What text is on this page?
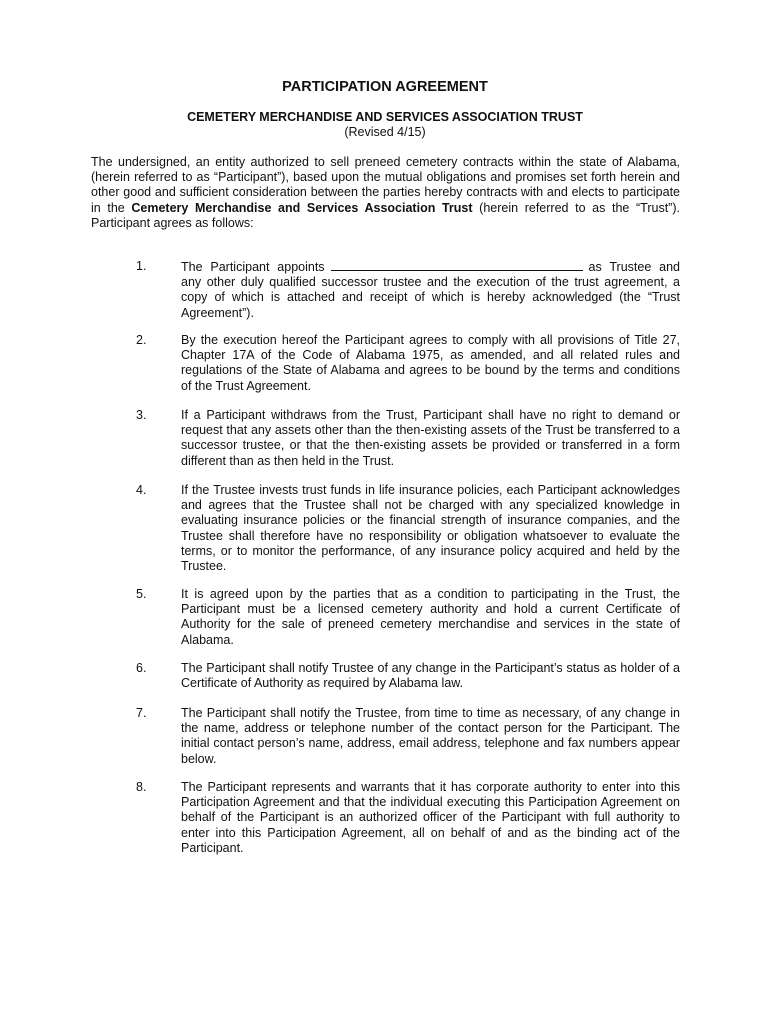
PARTICIPATION AGREEMENT
CEMETERY MERCHANDISE AND SERVICES ASSOCIATION TRUST
(Revised 4/15)

The undersigned, an entity authorized to sell preneed cemetery contracts within the state of Alabama, (herein referred to as “Participant”), based upon the mutual obligations and promises set forth herein and other good and sufficient consideration between the parties hereby contracts with and elects to participate in the Cemetery Merchandise and Services Association Trust (herein referred to as the “Trust”). Participant agrees as follows:

1.	The Participant appoints	as Trustee and any other duly qualified successor trustee and the execution of the trust agreement, a copy of which is attached and receipt of which is hereby acknowledged (the “Trust Agreement”).

2.	By the execution hereof the Participant agrees to comply with all provisions of Title 27, Chapter 17A of the Code of Alabama 1975, as amended, and all related rules and regulations of the State of Alabama and agrees to be bound by the terms and conditions of the Trust Agreement.

3.	If a Participant withdraws from the Trust, Participant shall have no right to demand or request that any assets other than the then-existing assets of the Trust be transferred to a successor trustee, or that the then-existing assets be provided or transferred in a form different than as then held in the Trust.

4.	If the Trustee invests trust funds in life insurance policies, each Participant acknowledges and agrees that the Trustee shall not be charged with any specialized knowledge in evaluating insurance policies or the financial strength of insurance companies, and the Trustee shall therefore have no responsibility or obligation whatsoever to evaluate the terms, or to monitor the performance, of any insurance policy acquired and held by the Trustee.

5.	It is agreed upon by the parties that as a condition to participating in the Trust, the Participant must be a licensed cemetery authority and hold a current Certificate of Authority for the sale of preneed cemetery merchandise and services in the state of Alabama.

6.	The Participant shall notify Trustee of any change in the Participant’s status as holder of a Certificate of Authority as required by Alabama law.

7.	The Participant shall notify the Trustee, from time to time as necessary, of any change in the name, address or telephone number of the contact person for the Participant. The initial contact person’s name, address, email address, telephone and fax numbers appear below.

8.	The Participant represents and warrants that it has corporate authority to enter into this Participation Agreement and that the individual executing this Participation Agreement on behalf of the Participant is an authorized officer of the Participant with full authority to enter into this Participation Agreement, all on behalf of and as the binding act of the Participant.
